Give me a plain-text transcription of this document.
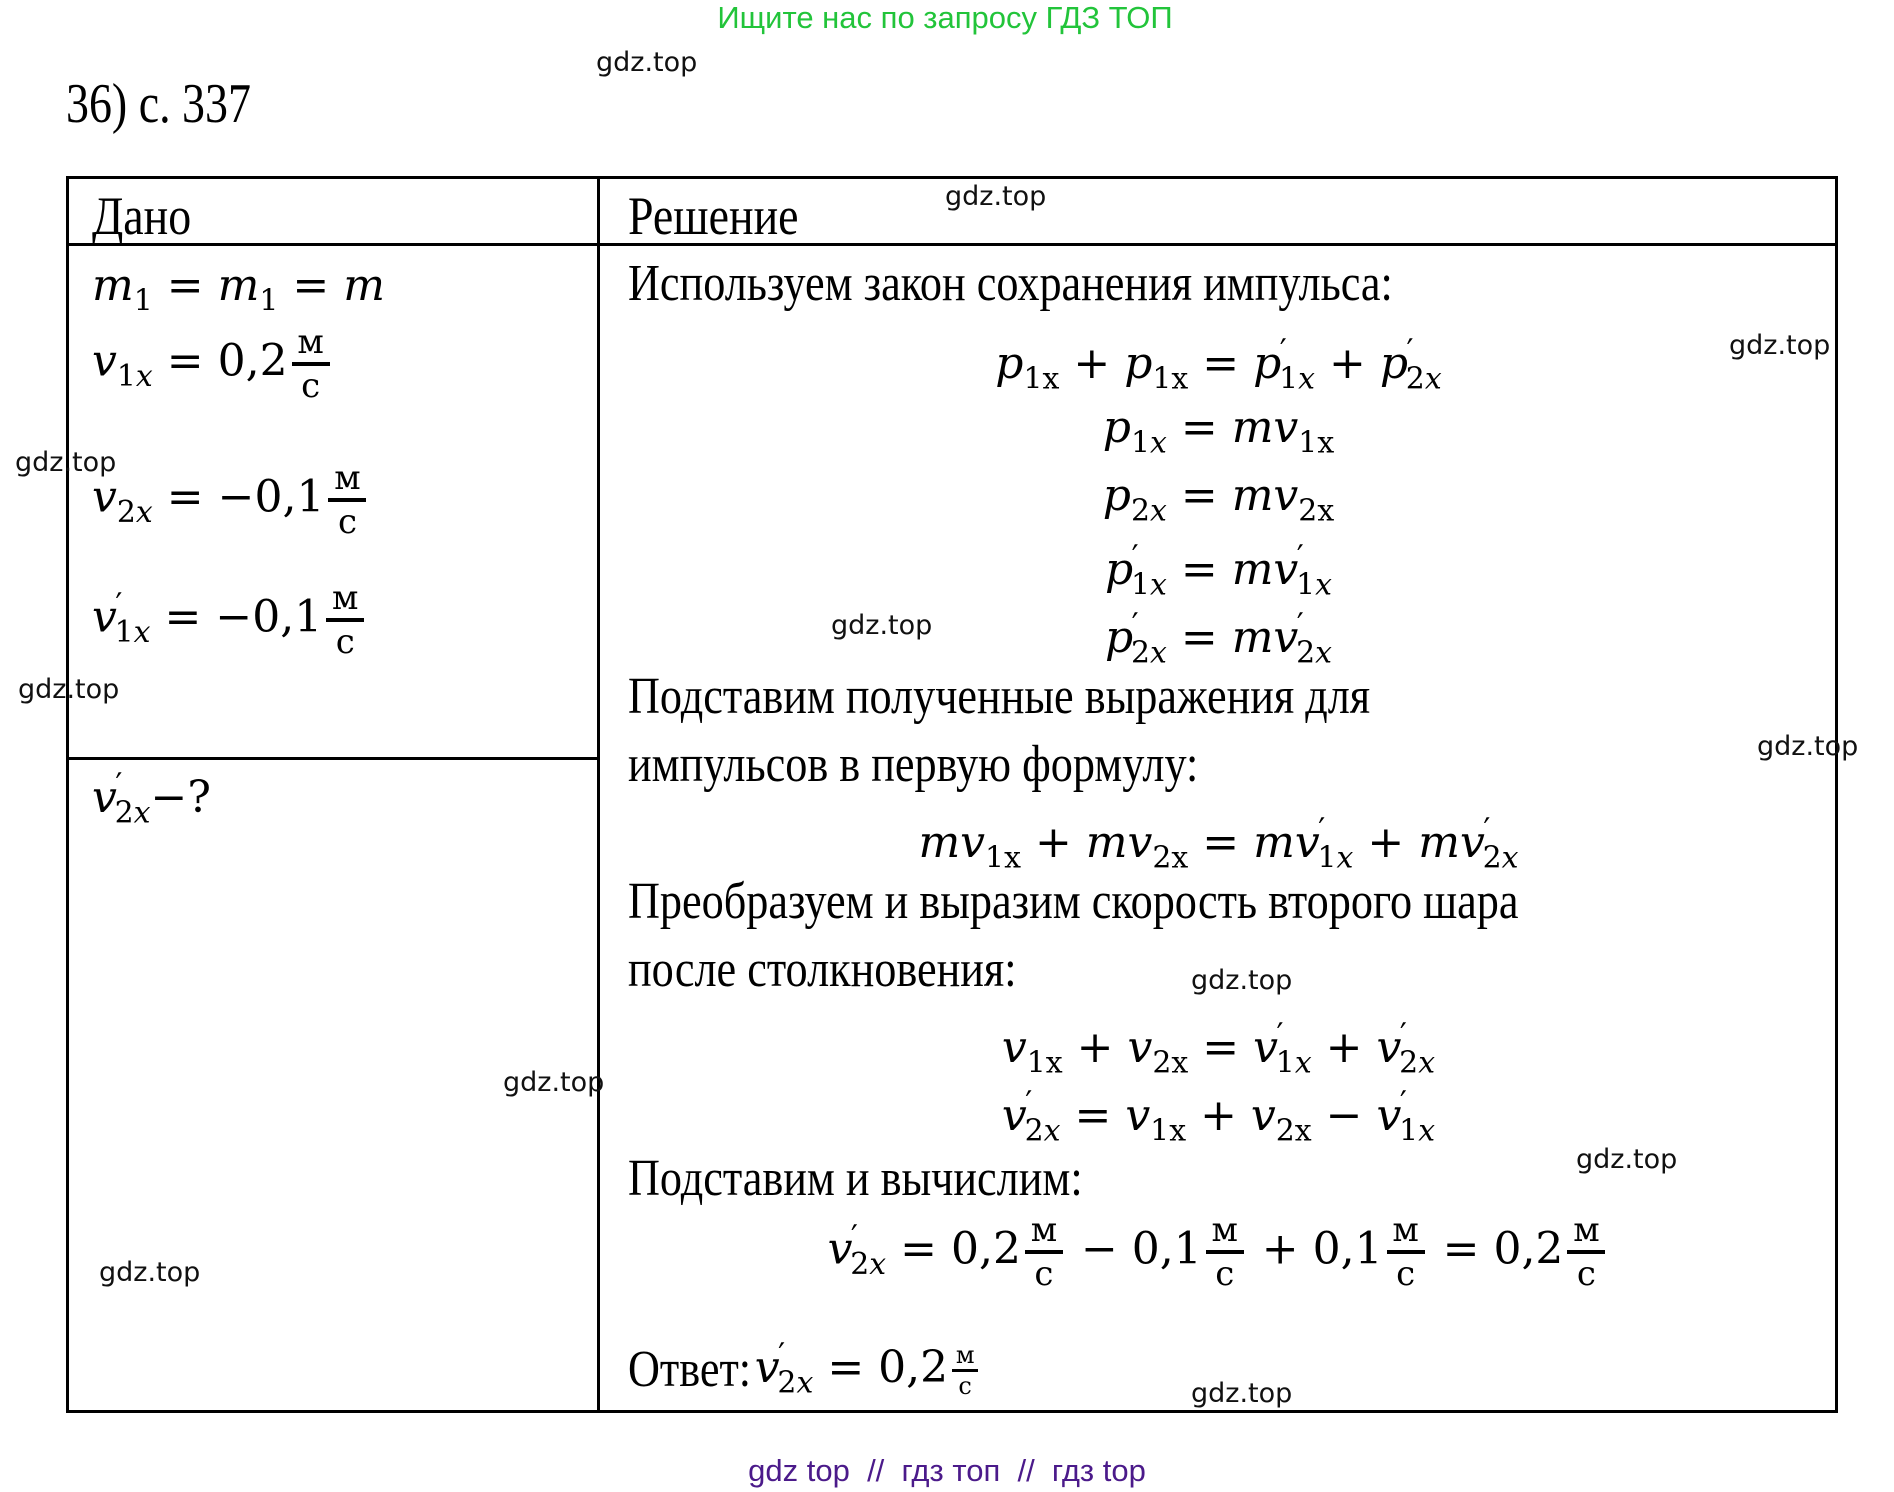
Ищите нас по запросу ГДЗ ТОП
36) с. 337
Дано	Решение
$m_1 = m_1 = m$
$v_{1x} = 0,2 \frac{м}{с}$
$v_{2x} = -0,1 \frac{м}{с}$
$v'_{1x} = -0,1 \frac{м}{с}$
$v'_{2x}-$?
Используем закон сохранения импульса:
$p_{1x} + p_{1x} = p'_{1x} + p'_{2x}$
$p_{1x} = mv_{1x}$
$p_{2x} = mv_{2x}$
$p'_{1x} = mv'_{1x}$
$p'_{2x} = mv'_{2x}$
Подставим полученные выражения для
импульсов в первую формулу:
$mv_{1x} + mv_{2x} = mv'_{1x} + mv'_{2x}$
Преобразуем и выразим скорость второго шара
после столкновения:
$v_{1x} + v_{2x} = v'_{1x} + v'_{2x}$
$v'_{2x} = v_{1x} + v_{2x} - v'_{1x}$
Подставим и вычислим:
$v'_{2x} = 0,2 \frac{м}{с} - 0,1 \frac{м}{с} + 0,1 \frac{м}{с} = 0,2 \frac{м}{с}$
$Ответ:v'_{2x} = 0,2 \frac{м}{с}$
gdz.top
gdz.top
gdz.top
gdz.top
gdz.top
gdz.top
gdz.top
gdz.top
gdz.top
gdz.top
gdz.top
gdz.top
gdz top  //  гдз топ  //  гдз top
